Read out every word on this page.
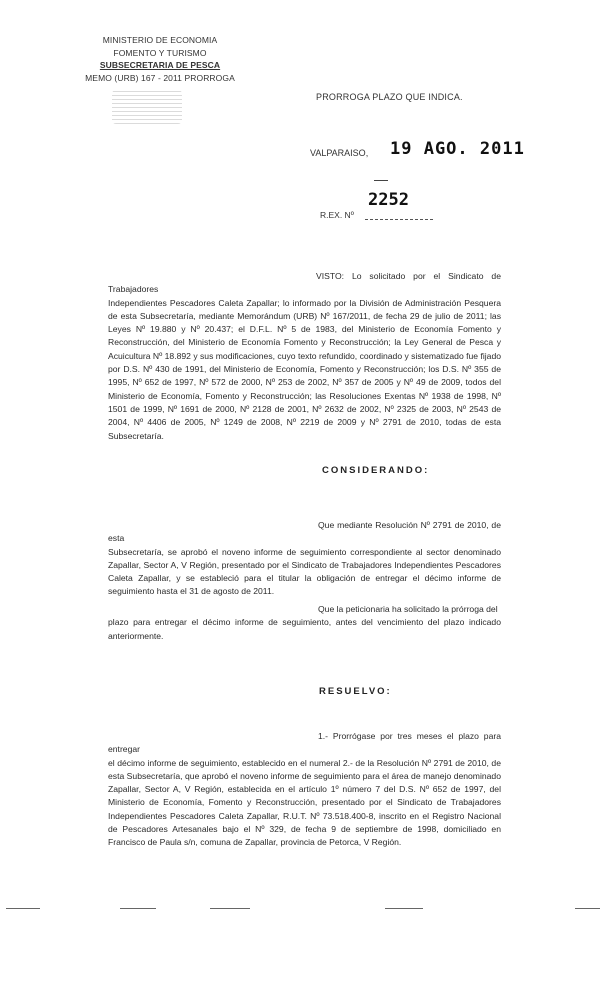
MINISTERIO DE ECONOMIA
FOMENTO Y TURISMO
SUBSECRETARIA DE PESCA
MEMO (URB) 167 - 2011 PRORROGA
PRORROGA PLAZO QUE INDICA.
VALPARAISO, 19 AGO. 2011
2252
R.EX. Nº

VISTO: Lo solicitado por el Sindicato de Trabajadores

Independientes Pescadores Caleta Zapallar; lo informado por la División de Administración Pesquera de esta Subsecretaría, mediante Memorándum (URB) Nº 167/2011, de fecha 29 de julio de 2011; las Leyes Nº 19.880 y Nº 20.437; el D.F.L. Nº 5 de 1983, del Ministerio de Economía Fomento y Reconstrucción, del Ministerio de Economía Fomento y Reconstrucción; la Ley General de Pesca y Acuicultura Nº 18.892 y sus modificaciones, cuyo texto refundido, coordinado y sistematizado fue fijado por D.S. Nº 430 de 1991, del Ministerio de Economía, Fomento y Reconstrucción; los D.S. Nº 355 de 1995, Nº 652 de 1997, Nº 572 de 2000, Nº 253 de 2002, Nº 357 de 2005 y Nº 49 de 2009, todos del Ministerio de Economía, Fomento y Reconstrucción; las Resoluciones Exentas Nº 1938 de 1998, Nº 1501 de 1999, Nº 1691 de 2000, Nº 2128 de 2001, Nº 2632 de 2002, Nº 2325 de 2003, Nº 2543 de 2004, Nº 4406 de 2005, Nº 1249 de 2008, Nº 2219 de 2009 y Nº 2791 de 2010, todas de esta Subsecretaría.

CONSIDERANDO:

Que mediante Resolución Nº 2791 de 2010, de esta

Subsecretaría, se aprobó el noveno informe de seguimiento correspondiente al sector denominado Zapallar, Sector A, V Región, presentado por el Sindicato de Trabajadores Independientes Pescadores Caleta Zapallar, y se estableció para el titular la obligación de entregar el décimo informe de seguimiento hasta el 31 de agosto de 2011.

Que la peticionaria ha solicitado la prórroga del

plazo para entregar el décimo informe de seguimiento, antes del vencimiento del plazo indicado anteriormente.

RESUELVO:

1.- Prorrógase por tres meses el plazo para entregar

el décimo informe de seguimiento, establecido en el numeral 2.- de la Resolución Nº 2791 de 2010, de esta Subsecretaría, que aprobó el noveno informe de seguimiento para el área de manejo denominado Zapallar, Sector A, V Región, establecida en el artículo 1º número 7 del D.S. Nº 652 de 1997, del Ministerio de Economía, Fomento y Reconstrucción, presentado por el Sindicato de Trabajadores Independientes Pescadores Caleta Zapallar, R.U.T. Nº 73.518.400-8, inscrito en el Registro Nacional de Pescadores Artesanales bajo el Nº 329, de fecha 9 de septiembre de 1998, domiciliado en Francisco de Paula s/n, comuna de Zapallar, provincia de Petorca, V Región.
